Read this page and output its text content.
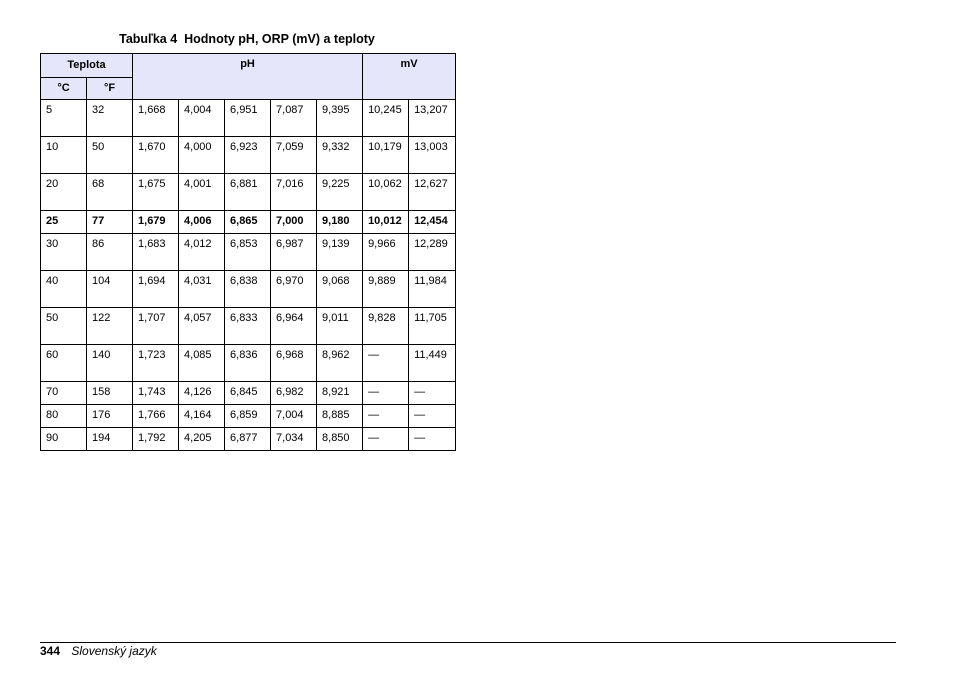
Tabuľka 4  Hodnoty pH, ORP (mV) a teploty
Teplota		pH					mV	
°C	°F							
5	32	1,668	4,004	6,951	7,087	9,395	10,245	13,207
10	50	1,670	4,000	6,923	7,059	9,332	10,179	13,003
20	68	1,675	4,001	6,881	7,016	9,225	10,062	12,627
25	77	1,679	4,006	6,865	7,000	9,180	10,012	12,454
30	86	1,683	4,012	6,853	6,987	9,139	9,966	12,289
40	104	1,694	4,031	6,838	6,970	9,068	9,889	11,984
50	122	1,707	4,057	6,833	6,964	9,011	9,828	11,705
60	140	1,723	4,085	6,836	6,968	8,962	—	11,449
70	158	1,743	4,126	6,845	6,982	8,921	—	—
80	176	1,766	4,164	6,859	7,004	8,885	—	—
90	194	1,792	4,205	6,877	7,034	8,850	—	—
344 Slovenský jazyk
